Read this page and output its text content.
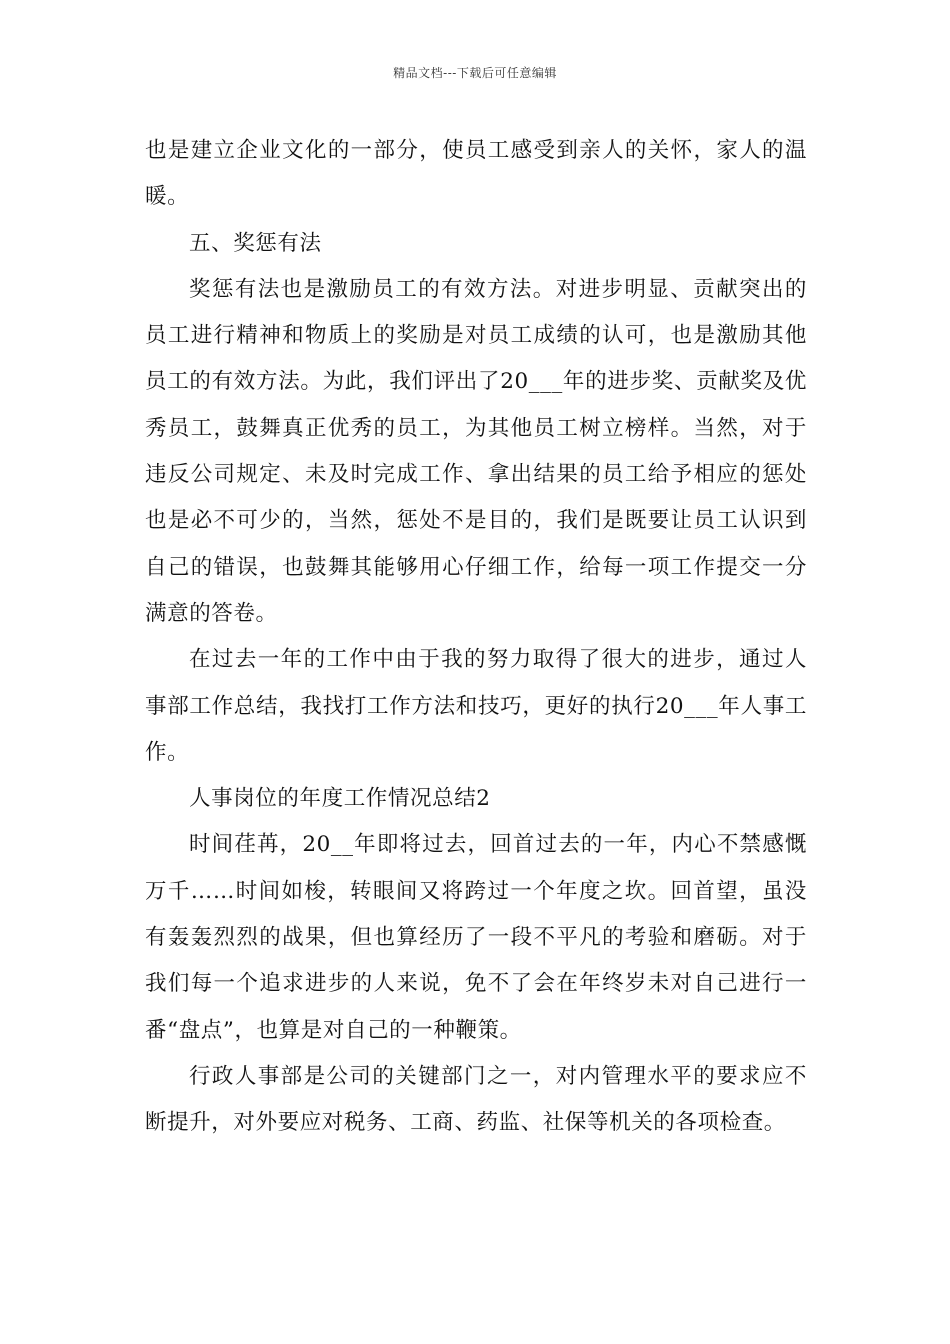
精品文档---下载后可任意编辑

也是建立企业文化的一部分，使员工感受到亲人的关怀，家人的温暖。

五、奖惩有法

奖惩有法也是激励员工的有效方法。对进步明显、贡献突出的员工进行精神和物质上的奖励是对员工成绩的认可，也是激励其他员工的有效方法。为此，我们评出了20___年的进步奖、贡献奖及优秀员工，鼓舞真正优秀的员工，为其他员工树立榜样。当然，对于违反公司规定、未及时完成工作、拿出结果的员工给予相应的惩处也是必不可少的，当然，惩处不是目的，我们是既要让员工认识到自己的错误，也鼓舞其能够用心仔细工作，给每一项工作提交一分满意的答卷。

在过去一年的工作中由于我的努力取得了很大的进步，通过人事部工作总结，我找打工作方法和技巧，更好的执行20___年人事工作。

人事岗位的年度工作情况总结2

时间荏苒，20__年即将过去，回首过去的一年，内心不禁感慨万千……时间如梭，转眼间又将跨过一个年度之坎。回首望，虽没有轰轰烈烈的战果，但也算经历了一段不平凡的考验和磨砺。对于我们每一个追求进步的人来说，免不了会在年终岁未对自己进行一番“盘点”，也算是对自己的一种鞭策。

行政人事部是公司的关键部门之一，对内管理水平的要求应不断提升，对外要应对税务、工商、药监、社保等机关的各项检查。
